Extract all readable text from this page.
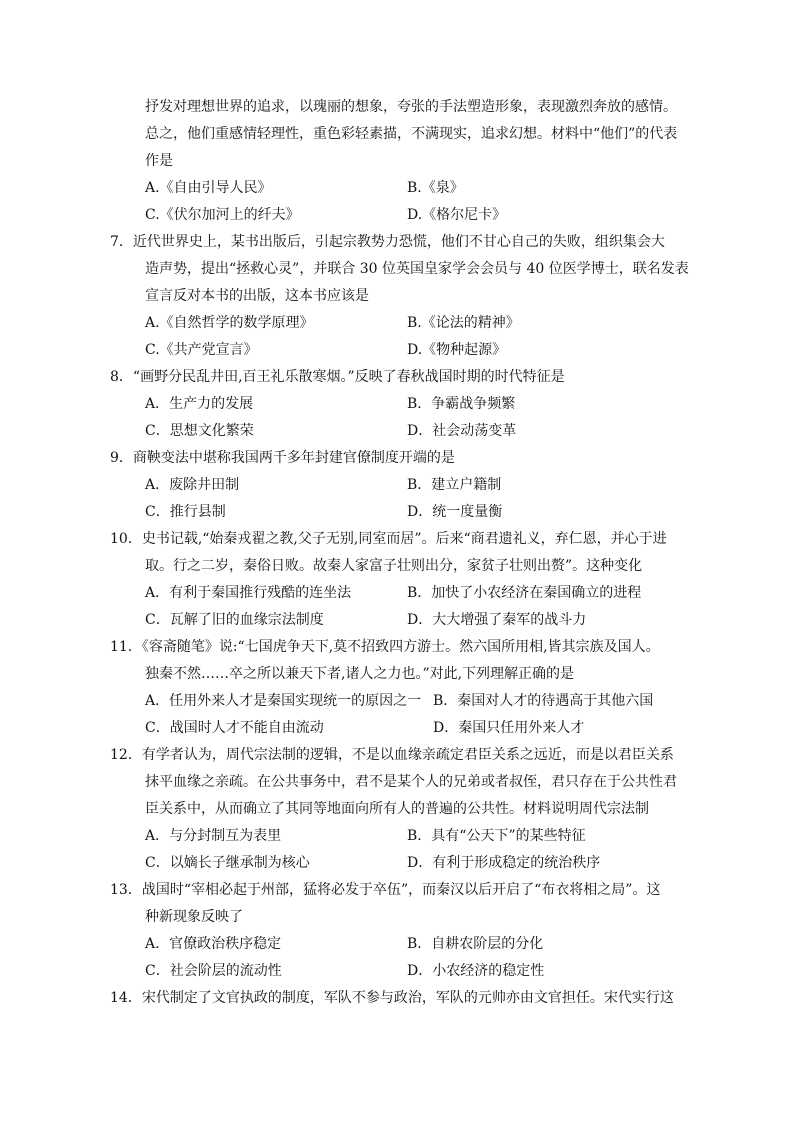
抒发对理想世界的追求，以瑰丽的想象，夸张的手法塑造形象，表现激烈奔放的感情。
总之，他们重感情轻理性，重色彩轻素描，不满现实，追求幻想。材料中“他们”的代表
作是
A.《自由引导人民》	B.《泉》
C.《伏尔加河上的纤夫》	D.《格尔尼卡》
7．近代世界史上，某书出版后，引起宗教势力恐慌，他们不甘心自己的失败，组织集会大
造声势，提出“拯救心灵”，并联合 30 位英国皇家学会会员与 40 位医学博士，联名发表
宣言反对本书的出版，这本书应该是
A.《自然哲学的数学原理》	B.《论法的精神》
C.《共产党宣言》	D.《物种起源》
8．“画野分民乱井田,百王礼乐散寒烟。”反映了春秋战国时期的时代特征是
A．生产力的发展	B．争霸战争频繁
C．思想文化繁荣	D．社会动荡变革
9．商鞅变法中堪称我国两千多年封建官僚制度开端的是
A．废除井田制	B．建立户籍制
C．推行县制	D．统一度量衡
10．史书记载,“始秦戎翟之教,父子无别,同室而居”。后来“商君遗礼义，弃仁恩，并心于进
取。行之二岁，秦俗日败。故秦人家富子壮则出分，家贫子壮则出赘”。这种变化
A．有利于秦国推行残酷的连坐法	B．加快了小农经济在秦国确立的进程
C．瓦解了旧的血缘宗法制度	D．大大增强了秦军的战斗力
11．《容斋随笔》说:“七国虎争天下,莫不招致四方游士。然六国所用相,皆其宗族及国人。
独秦不然……卒之所以兼天下者,诸人之力也。”对此,下列理解正确的是
A．任用外来人才是秦国实现统一的原因之一 B．秦国对人才的待遇高于其他六国
C．战国时人才不能自由流动	D．秦国只任用外来人才
12．有学者认为，周代宗法制的逻辑，不是以血缘亲疏定君臣关系之远近，而是以君臣关系
抹平血缘之亲疏。在公共事务中，君不是某个人的兄弟或者叔侄，君只存在于公共性君
臣关系中，从而确立了其同等地面向所有人的普遍的公共性。材料说明周代宗法制
A．与分封制互为表里	B．具有“公天下”的某些特征
C．以嫡长子继承制为核心	D．有利于形成稳定的统治秩序
13．战国时“宰相必起于州部，猛将必发于卒伍”，而秦汉以后开启了“布衣将相之局”。这
种新现象反映了
A．官僚政治秩序稳定	B．自耕农阶层的分化
C．社会阶层的流动性	D．小农经济的稳定性
14．宋代制定了文官执政的制度，军队不参与政治，军队的元帅亦由文官担任。宋代实行这
